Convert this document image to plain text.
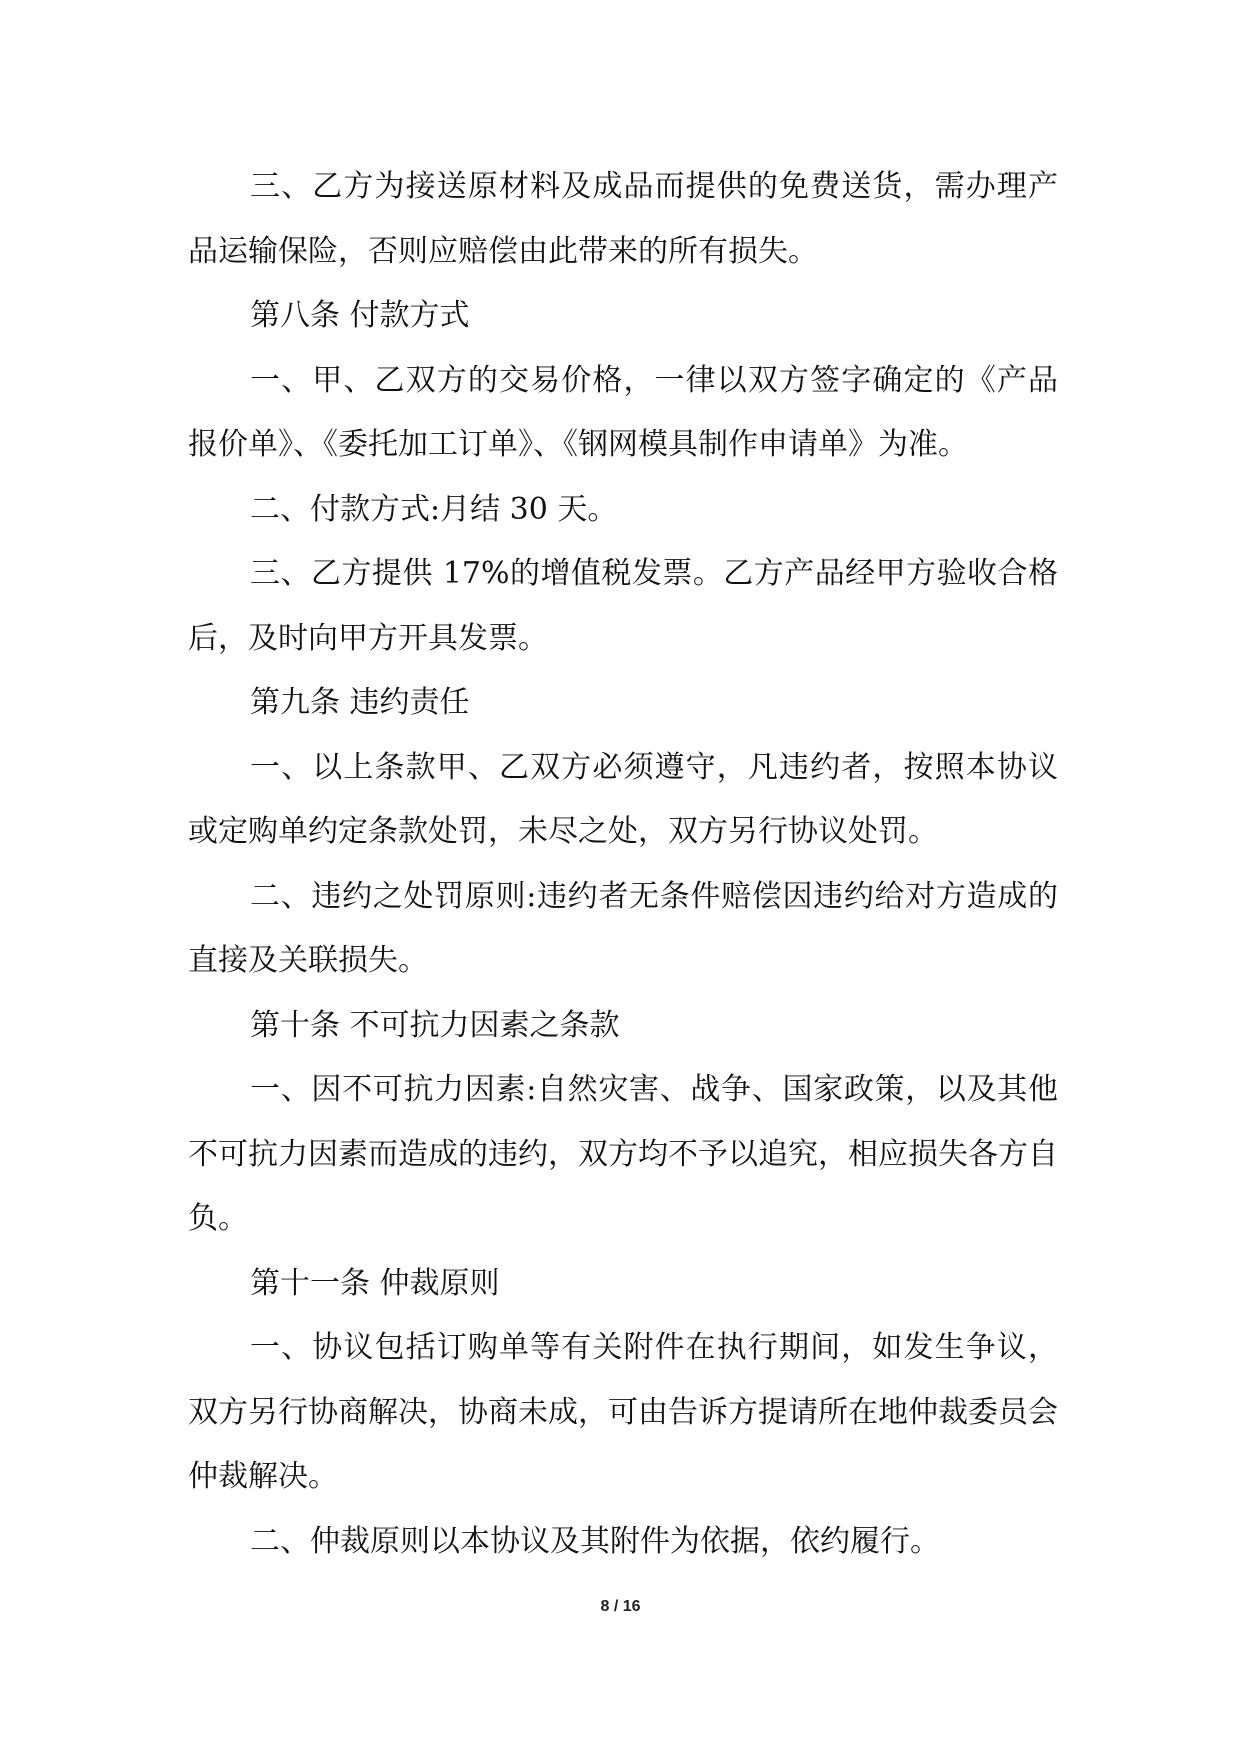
三、乙方为接送原材料及成品而提供的免费送货，需办理产品运输保险，否则应赔偿由此带来的所有损失。

第八条 付款方式

一、甲、乙双方的交易价格，一律以双方签字确定的《产品报价单》、《委托加工订单》、《钢网模具制作申请单》为准。

二、付款方式:月结 30 天。

三、乙方提供 17%的增值税发票。乙方产品经甲方验收合格后，及时向甲方开具发票。

第九条 违约责任

一、以上条款甲、乙双方必须遵守，凡违约者，按照本协议或定购单约定条款处罚，未尽之处，双方另行协议处罚。

二、违约之处罚原则:违约者无条件赔偿因违约给对方造成的直接及关联损失。

第十条 不可抗力因素之条款

一、因不可抗力因素:自然灾害、战争、国家政策，以及其他不可抗力因素而造成的违约，双方均不予以追究，相应损失各方自负。

第十一条 仲裁原则

一、协议包括订购单等有关附件在执行期间，如发生争议，双方另行协商解决，协商未成，可由告诉方提请所在地仲裁委员会仲裁解决。

二、仲裁原则以本协议及其附件为依据，依约履行。

8 / 16
